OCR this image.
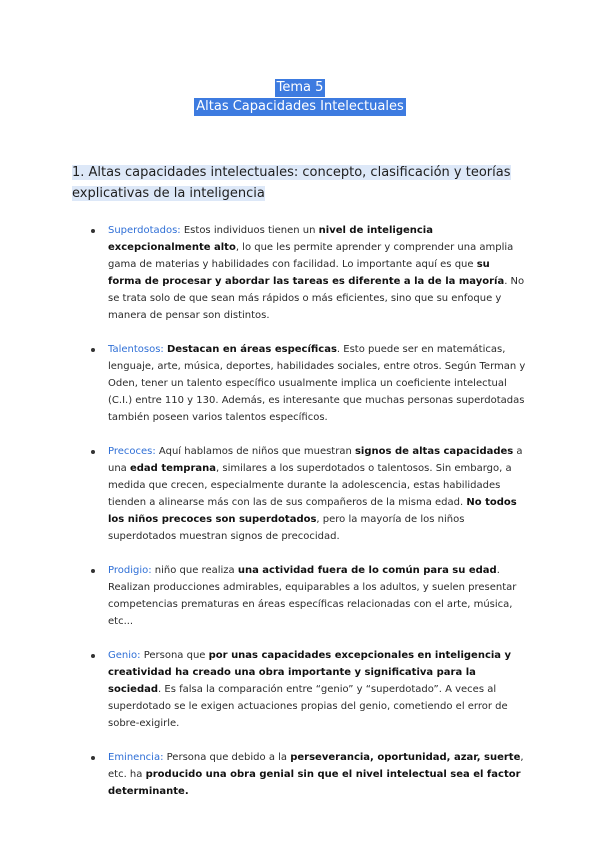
Tema 5
Altas Capacidades Intelectuales
1. Altas capacidades intelectuales: concepto, clasificación y teorías explicativas de la inteligencia
Superdotados: Estos individuos tienen un nivel de inteligencia excepcionalmente alto, lo que les permite aprender y comprender una amplia gama de materias y habilidades con facilidad. Lo importante aquí es que su forma de procesar y abordar las tareas es diferente a la de la mayoría. No se trata solo de que sean más rápidos o más eficientes, sino que su enfoque y manera de pensar son distintos.
Talentosos: Destacan en áreas específicas. Esto puede ser en matemáticas, lenguaje, arte, música, deportes, habilidades sociales, entre otros. Según Terman y Oden, tener un talento específico usualmente implica un coeficiente intelectual (C.I.) entre 110 y 130. Además, es interesante que muchas personas superdotadas también poseen varios talentos específicos.
Precoces: Aquí hablamos de niños que muestran signos de altas capacidades a una edad temprana, similares a los superdotados o talentosos. Sin embargo, a medida que crecen, especialmente durante la adolescencia, estas habilidades tienden a alinearse más con las de sus compañeros de la misma edad. No todos los niños precoces son superdotados, pero la mayoría de los niños superdotados muestran signos de precocidad.
Prodigio: niño que realiza una actividad fuera de lo común para su edad. Realizan producciones admirables, equiparables a los adultos, y suelen presentar competencias prematuras en áreas específicas relacionadas con el arte, música, etc...
Genio: Persona que por unas capacidades excepcionales en inteligencia y creatividad ha creado una obra importante y significativa para la sociedad. Es falsa la comparación entre “genio” y “superdotado”. A veces al superdotado se le exigen actuaciones propias del genio, cometiendo el error de sobre-exigirle.
Eminencia: Persona que debido a la perseverancia, oportunidad, azar, suerte, etc. ha producido una obra genial sin que el nivel intelectual sea el factor determinante.
